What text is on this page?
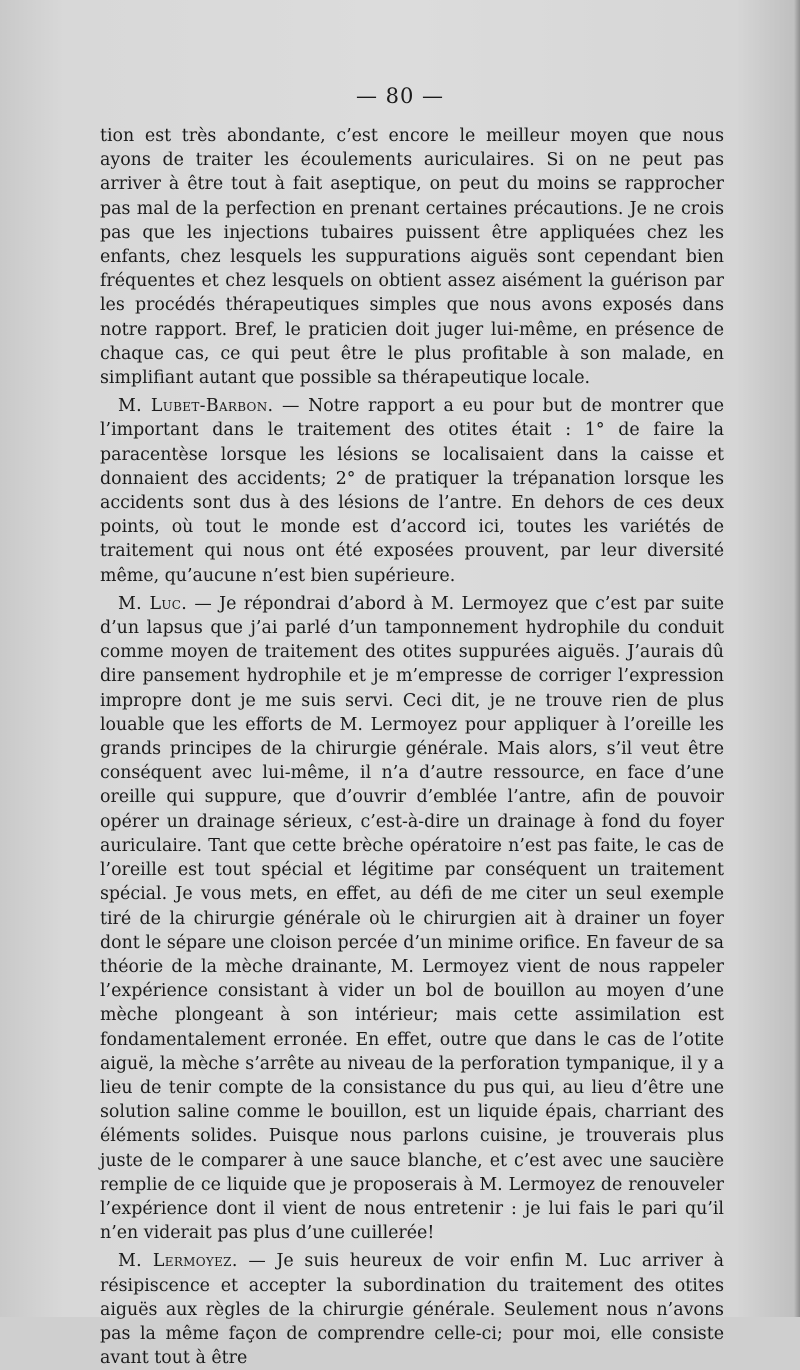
— 80 —

tion est très abondante, c’est encore le meilleur moyen que nous ayons de traiter les écoulements auriculaires. Si on ne peut pas arriver à être tout à fait aseptique, on peut du moins se rapprocher pas mal de la perfection en prenant certaines précautions. Je ne crois pas que les injections tubaires puissent être appliquées chez les enfants, chez lesquels les suppurations aiguës sont cependant bien fréquentes et chez lesquels on obtient assez aisément la guérison par les procédés thérapeutiques simples que nous avons exposés dans notre rapport. Bref, le praticien doit juger lui-même, en présence de chaque cas, ce qui peut être le plus profitable à son malade, en simplifiant autant que possible sa thérapeutique locale.

M. Lubet-Barbon. — Notre rapport a eu pour but de montrer que l’important dans le traitement des otites était : 1° de faire la paracentèse lorsque les lésions se localisaient dans la caisse et donnaient des accidents; 2° de pratiquer la trépanation lorsque les accidents sont dus à des lésions de l’antre. En dehors de ces deux points, où tout le monde est d’accord ici, toutes les variétés de traitement qui nous ont été exposées prouvent, par leur diversité même, qu’aucune n’est bien supérieure.

M. Luc. — Je répondrai d’abord à M. Lermoyez que c’est par suite d’un lapsus que j’ai parlé d’un tamponnement hydrophile du conduit comme moyen de traitement des otites suppurées aiguës. J’aurais dû dire pansement hydrophile et je m’empresse de corriger l’expression impropre dont je me suis servi. Ceci dit, je ne trouve rien de plus louable que les efforts de M. Lermoyez pour appliquer à l’oreille les grands principes de la chirurgie générale. Mais alors, s’il veut être conséquent avec lui-même, il n’a d’autre ressource, en face d’une oreille qui suppure, que d’ouvrir d’emblée l’antre, afin de pouvoir opérer un drainage sérieux, c’est-à-dire un drainage à fond du foyer auriculaire. Tant que cette brèche opératoire n’est pas faite, le cas de l’oreille est tout spécial et légitime par conséquent un traitement spécial. Je vous mets, en effet, au défi de me citer un seul exemple tiré de la chirurgie générale où le chirurgien ait à drainer un foyer dont le sépare une cloison percée d’un minime orifice. En faveur de sa théorie de la mèche drainante, M. Lermoyez vient de nous rappeler l’expérience consistant à vider un bol de bouillon au moyen d’une mèche plongeant à son intérieur; mais cette assimilation est fondamentalement erronée. En effet, outre que dans le cas de l’otite aiguë, la mèche s’arrête au niveau de la perforation tympanique, il y a lieu de tenir compte de la consistance du pus qui, au lieu d’être une solution saline comme le bouillon, est un liquide épais, charriant des éléments solides. Puisque nous parlons cuisine, je trouverais plus juste de le comparer à une sauce blanche, et c’est avec une saucière remplie de ce liquide que je proposerais à M. Lermoyez de renouveler l’expérience dont il vient de nous entretenir : je lui fais le pari qu’il n’en viderait pas plus d’une cuillerée!

M. Lermoyez. — Je suis heureux de voir enfin M. Luc arriver à résipiscence et accepter la subordination du traitement des otites aiguës aux règles de la chirurgie générale. Seulement nous n’avons pas la même façon de comprendre celle-ci; pour moi, elle consiste avant tout à être
